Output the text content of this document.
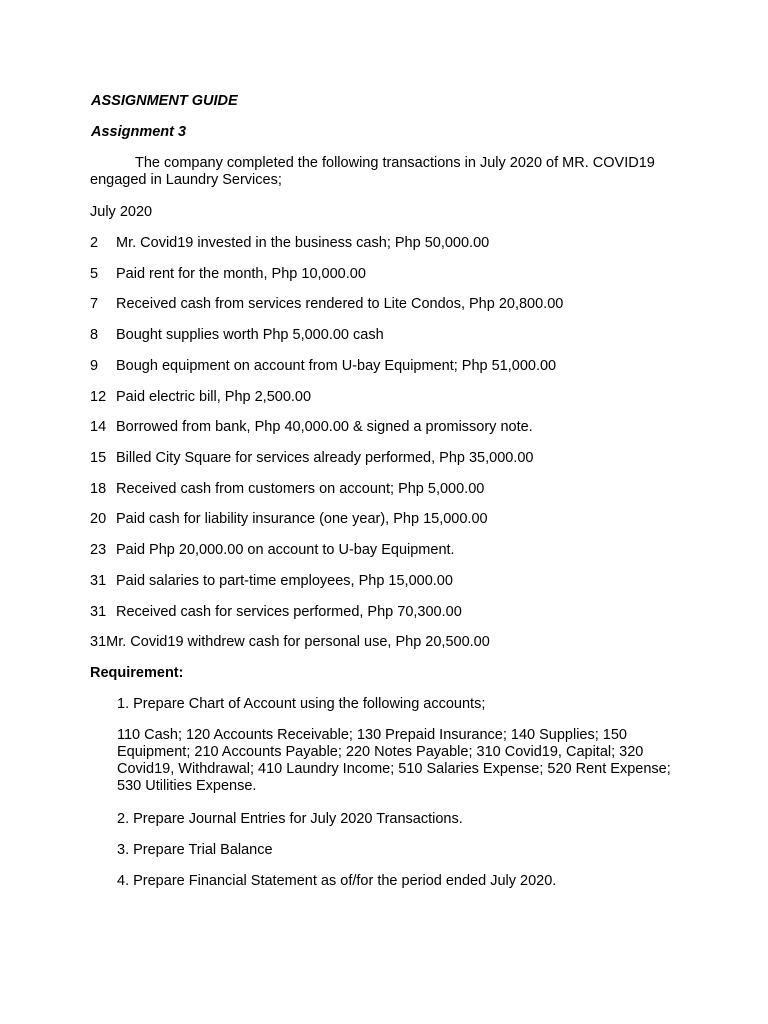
ASSIGNMENT GUIDE
Assignment 3
The company completed the following transactions in July 2020 of MR. COVID19
engaged in Laundry Services;
July 2020
2 Mr. Covid19 invested in the business cash; Php 50,000.00
5 Paid rent for the month, Php 10,000.00
7 Received cash from services rendered to Lite Condos, Php 20,800.00
8 Bought supplies worth Php 5,000.00 cash
9 Bough equipment on account from U-bay Equipment; Php 51,000.00
12 Paid electric bill, Php 2,500.00
14 Borrowed from bank, Php 40,000.00 & signed a promissory note.
15 Billed City Square for services already performed, Php 35,000.00
18 Received cash from customers on account; Php 5,000.00
20 Paid cash for liability insurance (one year), Php 15,000.00
23 Paid Php 20,000.00 on account to U-bay Equipment.
31 Paid salaries to part-time employees, Php 15,000.00
31 Received cash for services performed, Php 70,300.00
31Mr. Covid19 withdrew cash for personal use, Php 20,500.00
Requirement:
1. Prepare Chart of Account using the following accounts;
110 Cash; 120 Accounts Receivable; 130 Prepaid Insurance; 140 Supplies; 150 Equipment; 210 Accounts Payable; 220 Notes Payable; 310 Covid19, Capital; 320 Covid19, Withdrawal; 410 Laundry Income; 510 Salaries Expense; 520 Rent Expense; 530 Utilities Expense.
2. Prepare Journal Entries for July 2020 Transactions.
3. Prepare Trial Balance
4. Prepare Financial Statement as of/for the period ended July 2020.
